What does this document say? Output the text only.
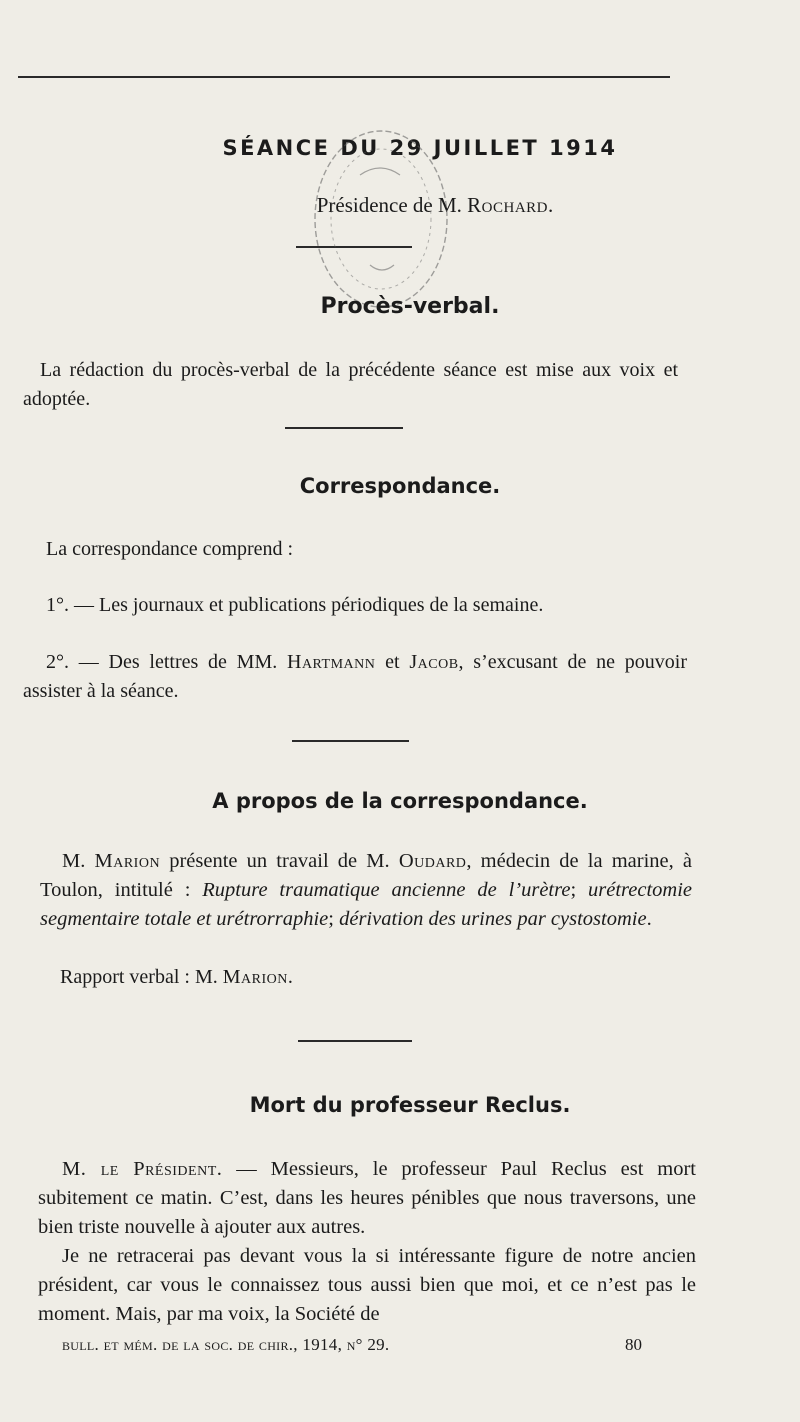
SÉANCE DU 29 JUILLET 1914
Présidence de M. Rochard.
Procès-verbal.
La rédaction du procès-verbal de la précédente séance est mise aux voix et adoptée.
Correspondance.
La correspondance comprend :
1°. — Les journaux et publications périodiques de la semaine.
2°. — Des lettres de MM. Hartmann et Jacob, s’excusant de ne pouvoir assister à la séance.
A propos de la correspondance.
M. Marion présente un travail de M. Oudard, médecin de la marine, à Toulon, intitulé : Rupture traumatique ancienne de l’urètre; urétrectomie segmentaire totale et urétrorraphie; dérivation des urines par cystostomie.
Rapport verbal : M. Marion.
Mort du professeur Reclus.
M. le Président. — Messieurs, le professeur Paul Reclus est mort subitement ce matin. C’est, dans les heures pénibles que nous traversons, une bien triste nouvelle à ajouter aux autres.
Je ne retracerai pas devant vous la si intéressante figure de notre ancien président, car vous le connaissez tous aussi bien que moi, et ce n’est pas le moment. Mais, par ma voix, la Société de
bull. et mém. de la soc. de chir., 1914, n° 29.	80
